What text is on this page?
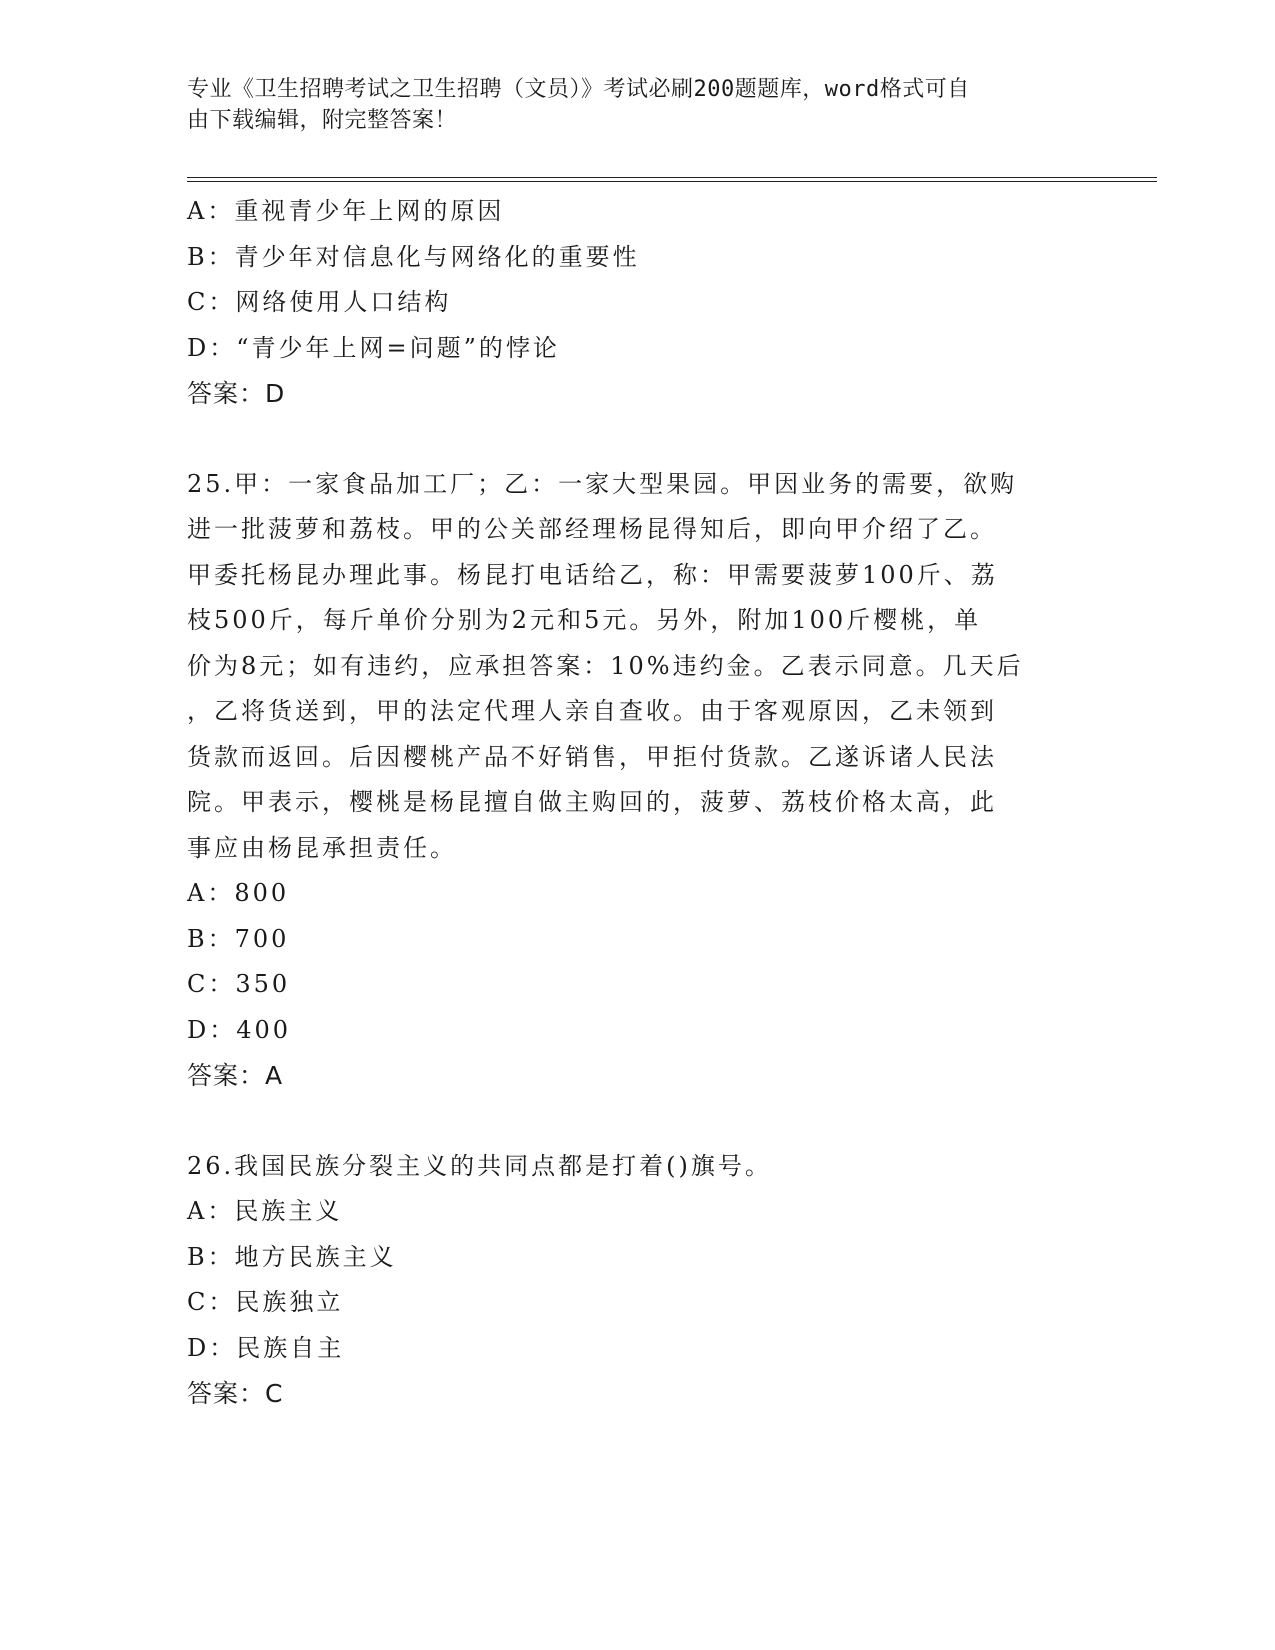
专业《卫生招聘考试之卫生招聘（文员）》考试必刷200题题库，word格式可自
由下载编辑，附完整答案！
A：重视青少年上网的原因
B：青少年对信息化与网络化的重要性
C：网络使用人口结构
D：“青少年上网=问题”的悖论
答案：D
25.甲：一家食品加工厂；乙：一家大型果园。甲因业务的需要，欲购
进一批菠萝和荔枝。甲的公关部经理杨昆得知后，即向甲介绍了乙。
甲委托杨昆办理此事。杨昆打电话给乙，称：甲需要菠萝100斤、荔
枝500斤，每斤单价分别为2元和5元。另外，附加100斤樱桃，单
价为8元；如有违约，应承担答案：10%违约金。乙表示同意。几天后
，乙将货送到，甲的法定代理人亲自查收。由于客观原因，乙未领到
货款而返回。后因樱桃产品不好销售，甲拒付货款。乙遂诉诸人民法
院。甲表示，樱桃是杨昆擅自做主购回的，菠萝、荔枝价格太高，此
事应由杨昆承担责任。
A：800
B：700
C：350
D：400
答案：A
26.我国民族分裂主义的共同点都是打着()旗号。
A：民族主义
B：地方民族主义
C：民族独立
D：民族自主
答案：C
